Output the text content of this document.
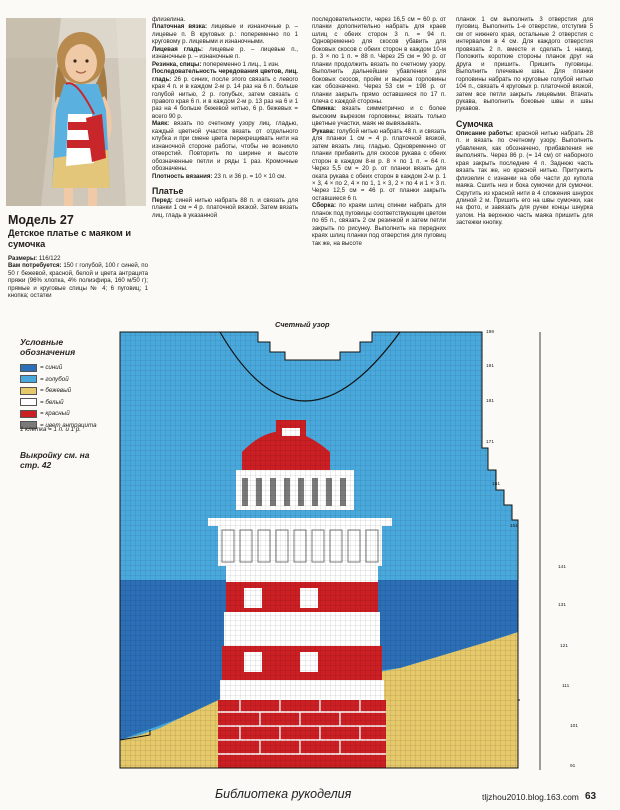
Модель 27
Детское платье с маяком и сумочка

Размеры: 116/122

Вам потребуется: 150 г голубой, 100 г синей, по 50 г бежевой, красной, белой и цвета антрацита пряжи (96% хлопка, 4% полиэфира, 160 м/50 г); прямые и круговые спицы № 4; 6 пуговиц; 1 кнопка; остатки

флизелина.

Платочная вязка: лицевые и изнаночные р. – лицевые п. В круговых р.: попеременно по 1 круговому р. лицевыми и изнаночными.

Лицевая гладь: лицевые р. – лицевые п., изнаночные р. – изнаночные п.

Резинка, спицы: попеременно 1 лиц., 1 изн.

Последовательность чередования цветов, лиц. гладь: 26 р. синих, после этого связать с левого края 4 п. и в каждом 2-м р. 14 раз на 6 п. больше голубой нитью, 2 р. голубых, затем связать с правого края 6 п. и в каждом 2-м р. 13 раз на 6 и 1 раз на 4 больше бежевой нитью, 6 р. бежевых = всего 90 р.

Маяк: вязать по счетному узору лиц. гладью, каждый цветной участок вязать от отдельного клубка и при смене цвета перекрещивать нити на изнаночной стороне работы, чтобы не возникло отверстий. Повторить по ширине и высоте обозначенные петли и ряды 1 раз. Кромочные обозначены.

Плотность вязания: 23 п. и 36 р. = 10 × 10 см.

Платье

Перед: синей нитью набрать 88 п. и связать для планки 1 см = 4 р. платочной вязкой. Затем вязать лиц. гладь в указанной

последовательности, через 16,5 см = 60 р. от планки дополнительно набрать для краев шлиц с обеих сторон 3 п. = 94 п. Одновременно для скосов убавить для боковых скосов с обеих сторон в каждом 10-м р. 3 × по 1 п. = 88 п. Через 25 см = 90 р. от планки продолжить вязать по счетному узору. Выполнить дальнейшие убавления для боковых скосов, пройм и выреза горловины как обозначено. Через 53 см = 198 р. от планки закрыть прямо оставшиеся по 17 п. плеча с каждой стороны.

Спинка: вязать симметрично и с более высоким вырезом горловины; вязать только цветные участки, маяк не вывязывать.

Рукава: голубой нитью набрать 48 п. и связать для планки 1 см = 4 р. платочной вязкой, затем вязать лиц. гладью. Одновременно от планки прибавить для скосов рукава с обеих сторон в каждом 8-м р. 8 × по 1 п. = 64 п. Через 5,5 см = 20 р. от планки вязать для оката рукава с обеих сторон в каждом 2-м р. 1 × 3, 4 × по 2, 4 × по 1, 1 × 3, 2 × по 4 и 1 × 3 п. Через 12,5 см = 46 р. от планки закрыть оставшиеся 6 п.

Сборка: по краям шлиц спинки набрать для планок под пуговицы соответствующим цветом по 65 п., связать 2 см резинкой и затем петли закрыть по рисунку. Выполнить на передних краях шлиц планки под отверстия для пуговиц так же, на высоте

планок 1 см выполнить 3 отверстия для пуговиц. Выполнить 1-е отверстие, отступив 5 см от нижнего края, остальные 2 отверстия с интервалом в 4 см. Для каждого отверстия провязать 2 п. вместе и сделать 1 накид. Положить короткие стороны планок друг на друга и пришить. Пришить пуговицы. Выполнить плечевые швы. Для планки горловины набрать по круговые голубой нитью 104 п., связать 4 круговых р. платочной вязкой, затем все петли закрыть лицевыми. Втачать рукава, выполнить боковые швы и швы рукавов.

Сумочка

Описание работы: красной нитью набрать 28 п. и вязать по счетному узору. Выполнить убавления, как обозначено, прибавления не выполнять. Через 86 р. (= 14 см) от наборного края закрыть последние 4 п. Заднюю часть вязать так же, но красной нитью. Притужить флизелин с изнанки на обе части до купола маяка. Сшить низ и бока сумочки для сумочки. Скрутить из красной нити в 4 сложения шнурок длиной 2 м. Пришить его на швы сумочки, как на фото, и завязать для ручки концы шнурка узлом. На верхнюю часть маяка пришить для застежки кнопку.

Условные обозначения
= синий
= голубой
= бежевый
= белый
= красный
= цвет антрацита
1 клетка = 1 п. и 1 р.
Выкройку см. на стр. 42
Счетный узор
198
191
181
171
161
151
141
131
121
111
101
91
Библиотека рукоделия	tljzhou2010.blog.163.com 63
